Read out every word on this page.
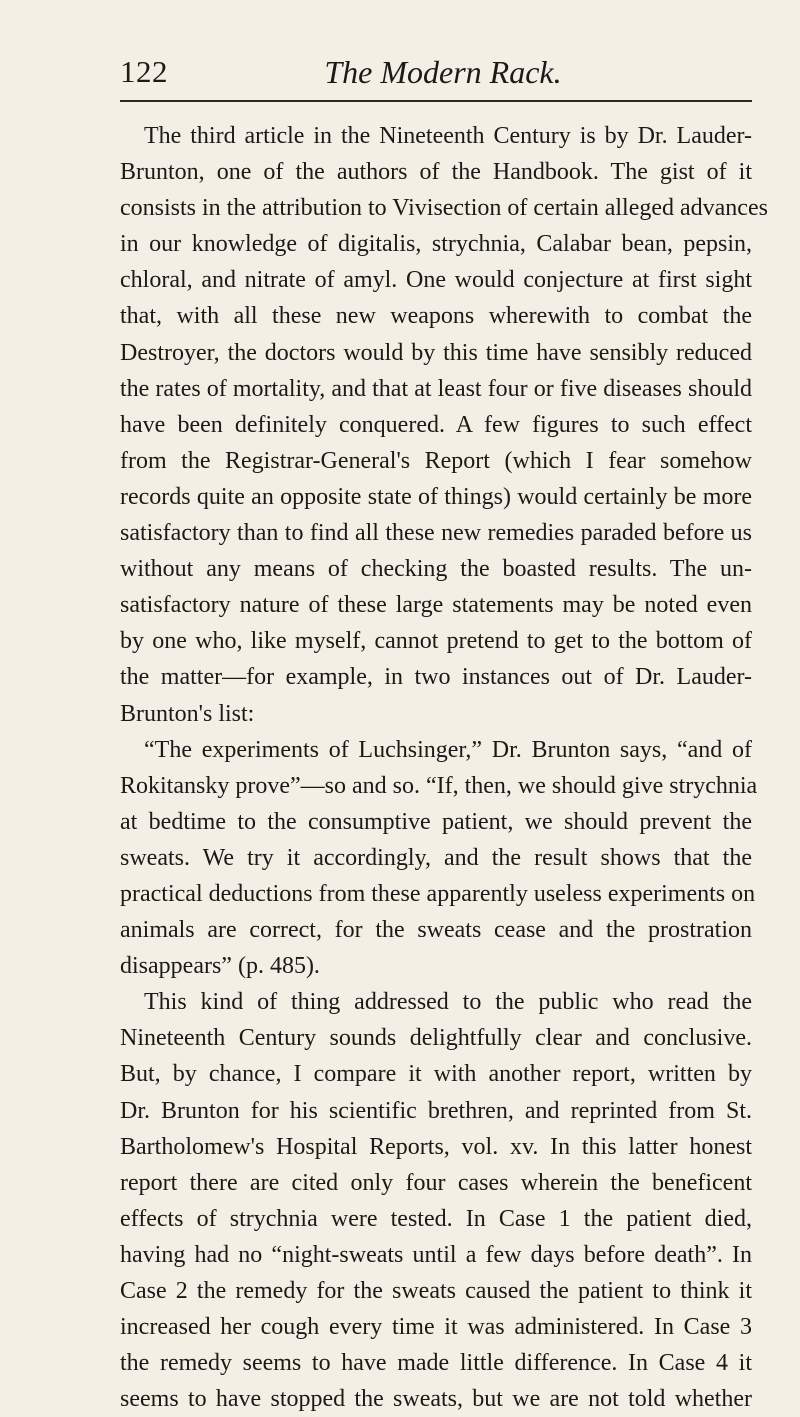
122	The Modern Rack.
The third article in the Nineteenth Century is by Dr. Lauder-
Brunton, one of the authors of the Handbook. The gist of it
consists in the attribution to Vivisection of certain alleged advances
in our knowledge of digitalis, strychnia, Calabar bean, pepsin,
chloral, and nitrate of amyl. One would conjecture at first sight
that, with all these new weapons wherewith to combat the
Destroyer, the doctors would by this time have sensibly reduced
the rates of mortality, and that at least four or five diseases should
have been definitely conquered. A few figures to such effect
from the Registrar-General's Report (which I fear somehow
records quite an opposite state of things) would certainly be more
satisfactory than to find all these new remedies paraded before us
without any means of checking the boasted results. The un-
satisfactory nature of these large statements may be noted even
by one who, like myself, cannot pretend to get to the bottom of
the matter—for example, in two instances out of Dr. Lauder-
Brunton's list:
“The experiments of Luchsinger,” Dr. Brunton says, “and of
Rokitansky prove”—so and so. “If, then, we should give strychnia
at bedtime to the consumptive patient, we should prevent the
sweats. We try it accordingly, and the result shows that the
practical deductions from these apparently useless experiments on
animals are correct, for the sweats cease and the prostration
disappears” (p. 485).
This kind of thing addressed to the public who read the
Nineteenth Century sounds delightfully clear and conclusive.
But, by chance, I compare it with another report, written by
Dr. Brunton for his scientific brethren, and reprinted from St.
Bartholomew's Hospital Reports, vol. xv. In this latter honest
report there are cited only four cases wherein the beneficent
effects of strychnia were tested. In Case 1 the patient died,
having had no “night-sweats until a few days before death”. In
Case 2 the remedy for the sweats caused the patient to think it
increased her cough every time it was administered. In Case 3
the remedy seems to have made little difference. In Case 4 it
seems to have stopped the sweats, but we are not told whether
